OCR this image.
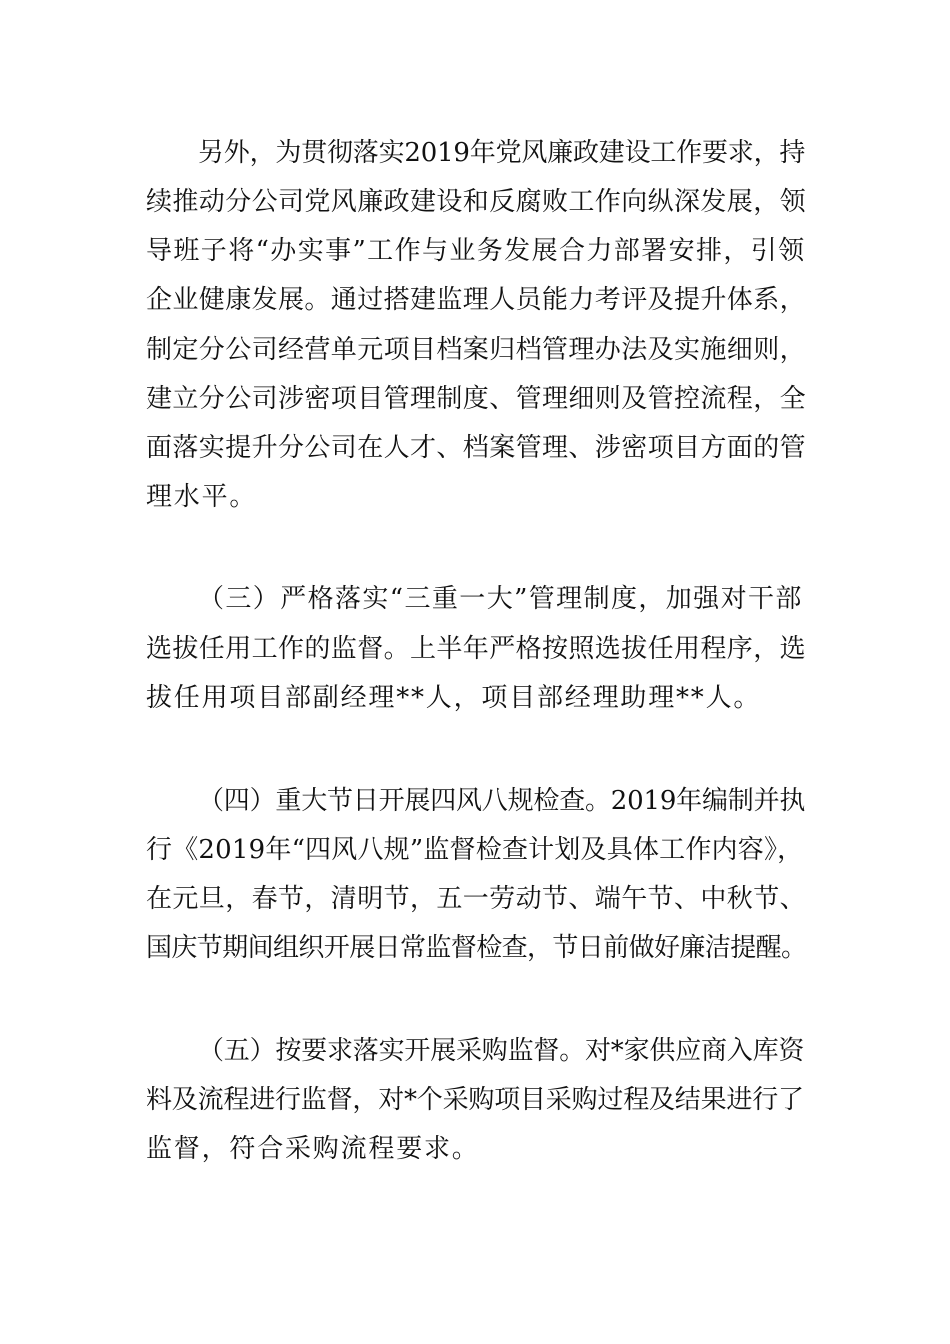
另外，为贯彻落实2019年党风廉政建设工作要求，持
续推动分公司党风廉政建设和反腐败工作向纵深发展，领
导班子将“办实事”工作与业务发展合力部署安排，引领
企业健康发展。通过搭建监理人员能力考评及提升体系，
制定分公司经营单元项目档案归档管理办法及实施细则，
建立分公司涉密项目管理制度、管理细则及管控流程，全
面落实提升分公司在人才、档案管理、涉密项目方面的管
理水平。
（三）严格落实“三重一大”管理制度，加强对干部
选拔任用工作的监督。上半年严格按照选拔任用程序，选
拔任用项目部副经理**人，项目部经理助理**人。
（四）重大节日开展四风八规检查。2019年编制并执
行《2019年“四风八规”监督检查计划及具体工作内容》，
在元旦，春节，清明节，五一劳动节、端午节、中秋节、
国庆节期间组织开展日常监督检查，节日前做好廉洁提醒。
（五）按要求落实开展采购监督。对*家供应商入库资
料及流程进行监督，对*个采购项目采购过程及结果进行了
监督，符合采购流程要求。
